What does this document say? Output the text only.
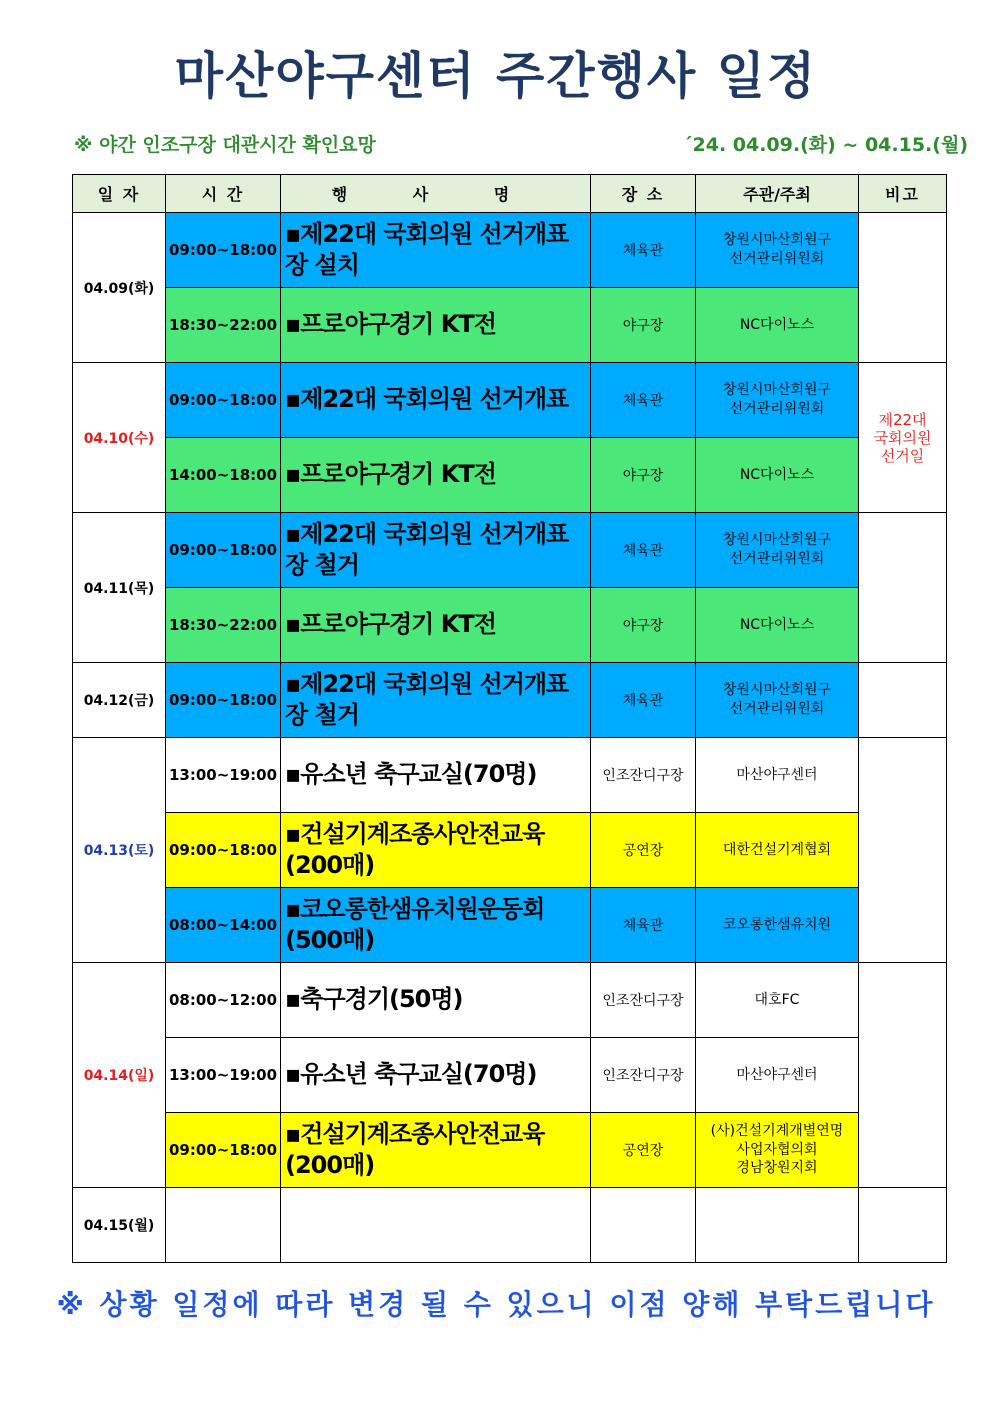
마산야구센터 주간행사 일정
※ 야간 인조구장 대관시간 확인요망	´24. 04.09.(화) ~ 04.15.(월)
일 자	시 간	행 사 명	장 소	주관/주최	비고
04.09(화)	09:00~18:00	▪제22대 국회의원 선거개표장 설치	체육관	창원시마산회원구
선거관리위원회	
	18:30~22:00	▪프로야구경기 KT전	야구장	NC다이노스	
04.10(수)	09:00~18:00	▪제22대 국회의원 선거개표	체육관	창원시마산회원구
선거관리위원회	제22대
국회의원
선거일
	14:00~18:00	▪프로야구경기 KT전	야구장	NC다이노스	
04.11(목)	09:00~18:00	▪제22대 국회의원 선거개표장 철거	체육관	창원시마산회원구
선거관리위원회	
	18:30~22:00	▪프로야구경기 KT전	야구장	NC다이노스	
04.12(금)	09:00~18:00	▪제22대 국회의원 선거개표장 철거	체육관	창원시마산회원구
선거관리위원회	
04.13(토)	13:00~19:00	▪유소년 축구교실(70명)	인조잔디구장	마산야구센터	
	09:00~18:00	▪건설기계조종사안전교육(200매)	공연장	대한건설기계협회	
	08:00~14:00	▪코오롱한샘유치원운동회(500매)	체육관	코오롱한샘유치원	
04.14(일)	08:00~12:00	▪축구경기(50명)	인조잔디구장	대호FC	
	13:00~19:00	▪유소년 축구교실(70명)	인조잔디구장	마산야구센터	
	09:00~18:00	▪건설기계조종사안전교육(200매)	공연장	(사)건설기계개별연명
사업자협의회
경남창원지회	
04.15(월)					
※ 상황 일정에 따라 변경 될 수 있으니 이점 양해 부탁드립니다
